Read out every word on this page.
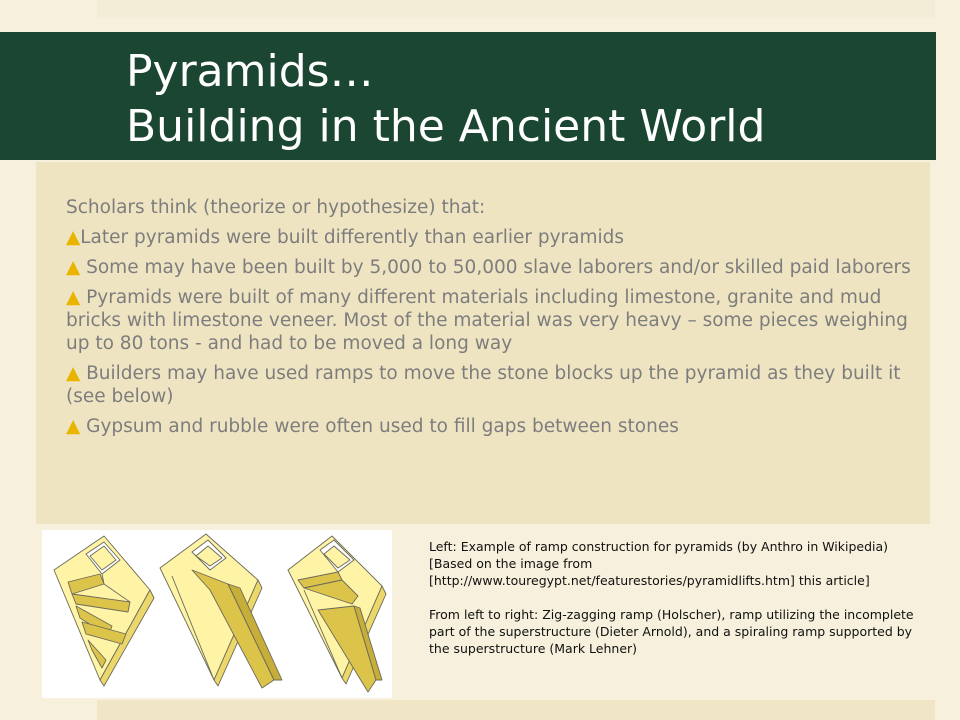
Pyramids…
Building in the Ancient World

Scholars think (theorize or hypothesize) that:

▲Later pyramids were built differently than earlier pyramids

▲ Some may have been built by 5,000 to 50,000 slave laborers and/or skilled paid laborers

▲ Pyramids were built of many different materials including limestone, granite and mud bricks with limestone veneer. Most of the material was very heavy – some pieces weighing up to 80 tons - and had to be moved a long way

▲ Builders may have used ramps to move the stone blocks up the pyramid as they built it (see below)

▲ Gypsum and rubble were often used to fill gaps between stones

Left: Example of ramp construction for pyramids (by Anthro in Wikipedia) [Based on the image from [http://www.touregypt.net/featurestories/pyramidlifts.htm] this article]

From left to right: Zig-zagging ramp (Holscher), ramp utilizing the incomplete part of the superstructure (Dieter Arnold), and a spiraling ramp supported by the superstructure (Mark Lehner)
